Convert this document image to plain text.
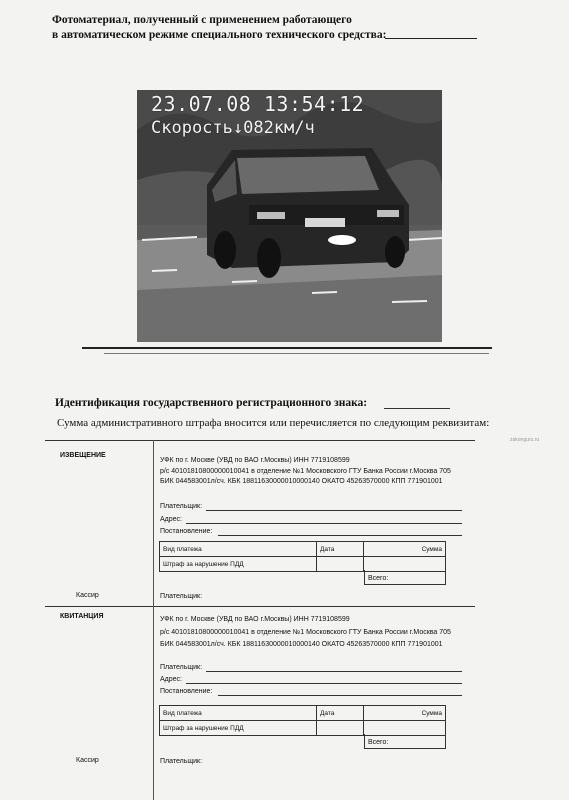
Фотоматериал, полученный с применением работающего
в автоматическом режиме специального технического средства:
23.07.08 13:54:12
Скорость↓082км/ч
Идентификация государственного регистрационного знака:
Сумма административного штрафа вносится или перечисляется по следующим реквизитам:
zakonguru.ru
ИЗВЕЩЕНИЕ
УФК по г. Москве (УВД по ВАО г.Москвы) ИНН 7719108599
р/с 40101810800000010041 в отделение №1 Московского ГТУ Банка России г.Москва 705
БИК 044583001л/сч. КБК 18811630000010000140 ОКАТО 45263570000 КПП 771901001
Плательщик:
Адрес:
Постановление:
Вид платежа	Дата	Сумма
Штраф за нарушение ПДД		
Всего:
Кассир	Плательщик:
КВИТАНЦИЯ	УФК по г. Москве (УВД по ВАО г.Москвы) ИНН 7719108599
р/с 40101810800000010041 в отделение №1 Московского ГТУ Банка России г.Москва 705
БИК 044583001л/сч. КБК 18811630000010000140 ОКАТО 45263570000 КПП 771901001
Плательщик:
Адрес:
Постановление:
Вид платежа	Дата	Сумма
Штраф за нарушение ПДД		
Всего:
Кассир	Плательщик:
